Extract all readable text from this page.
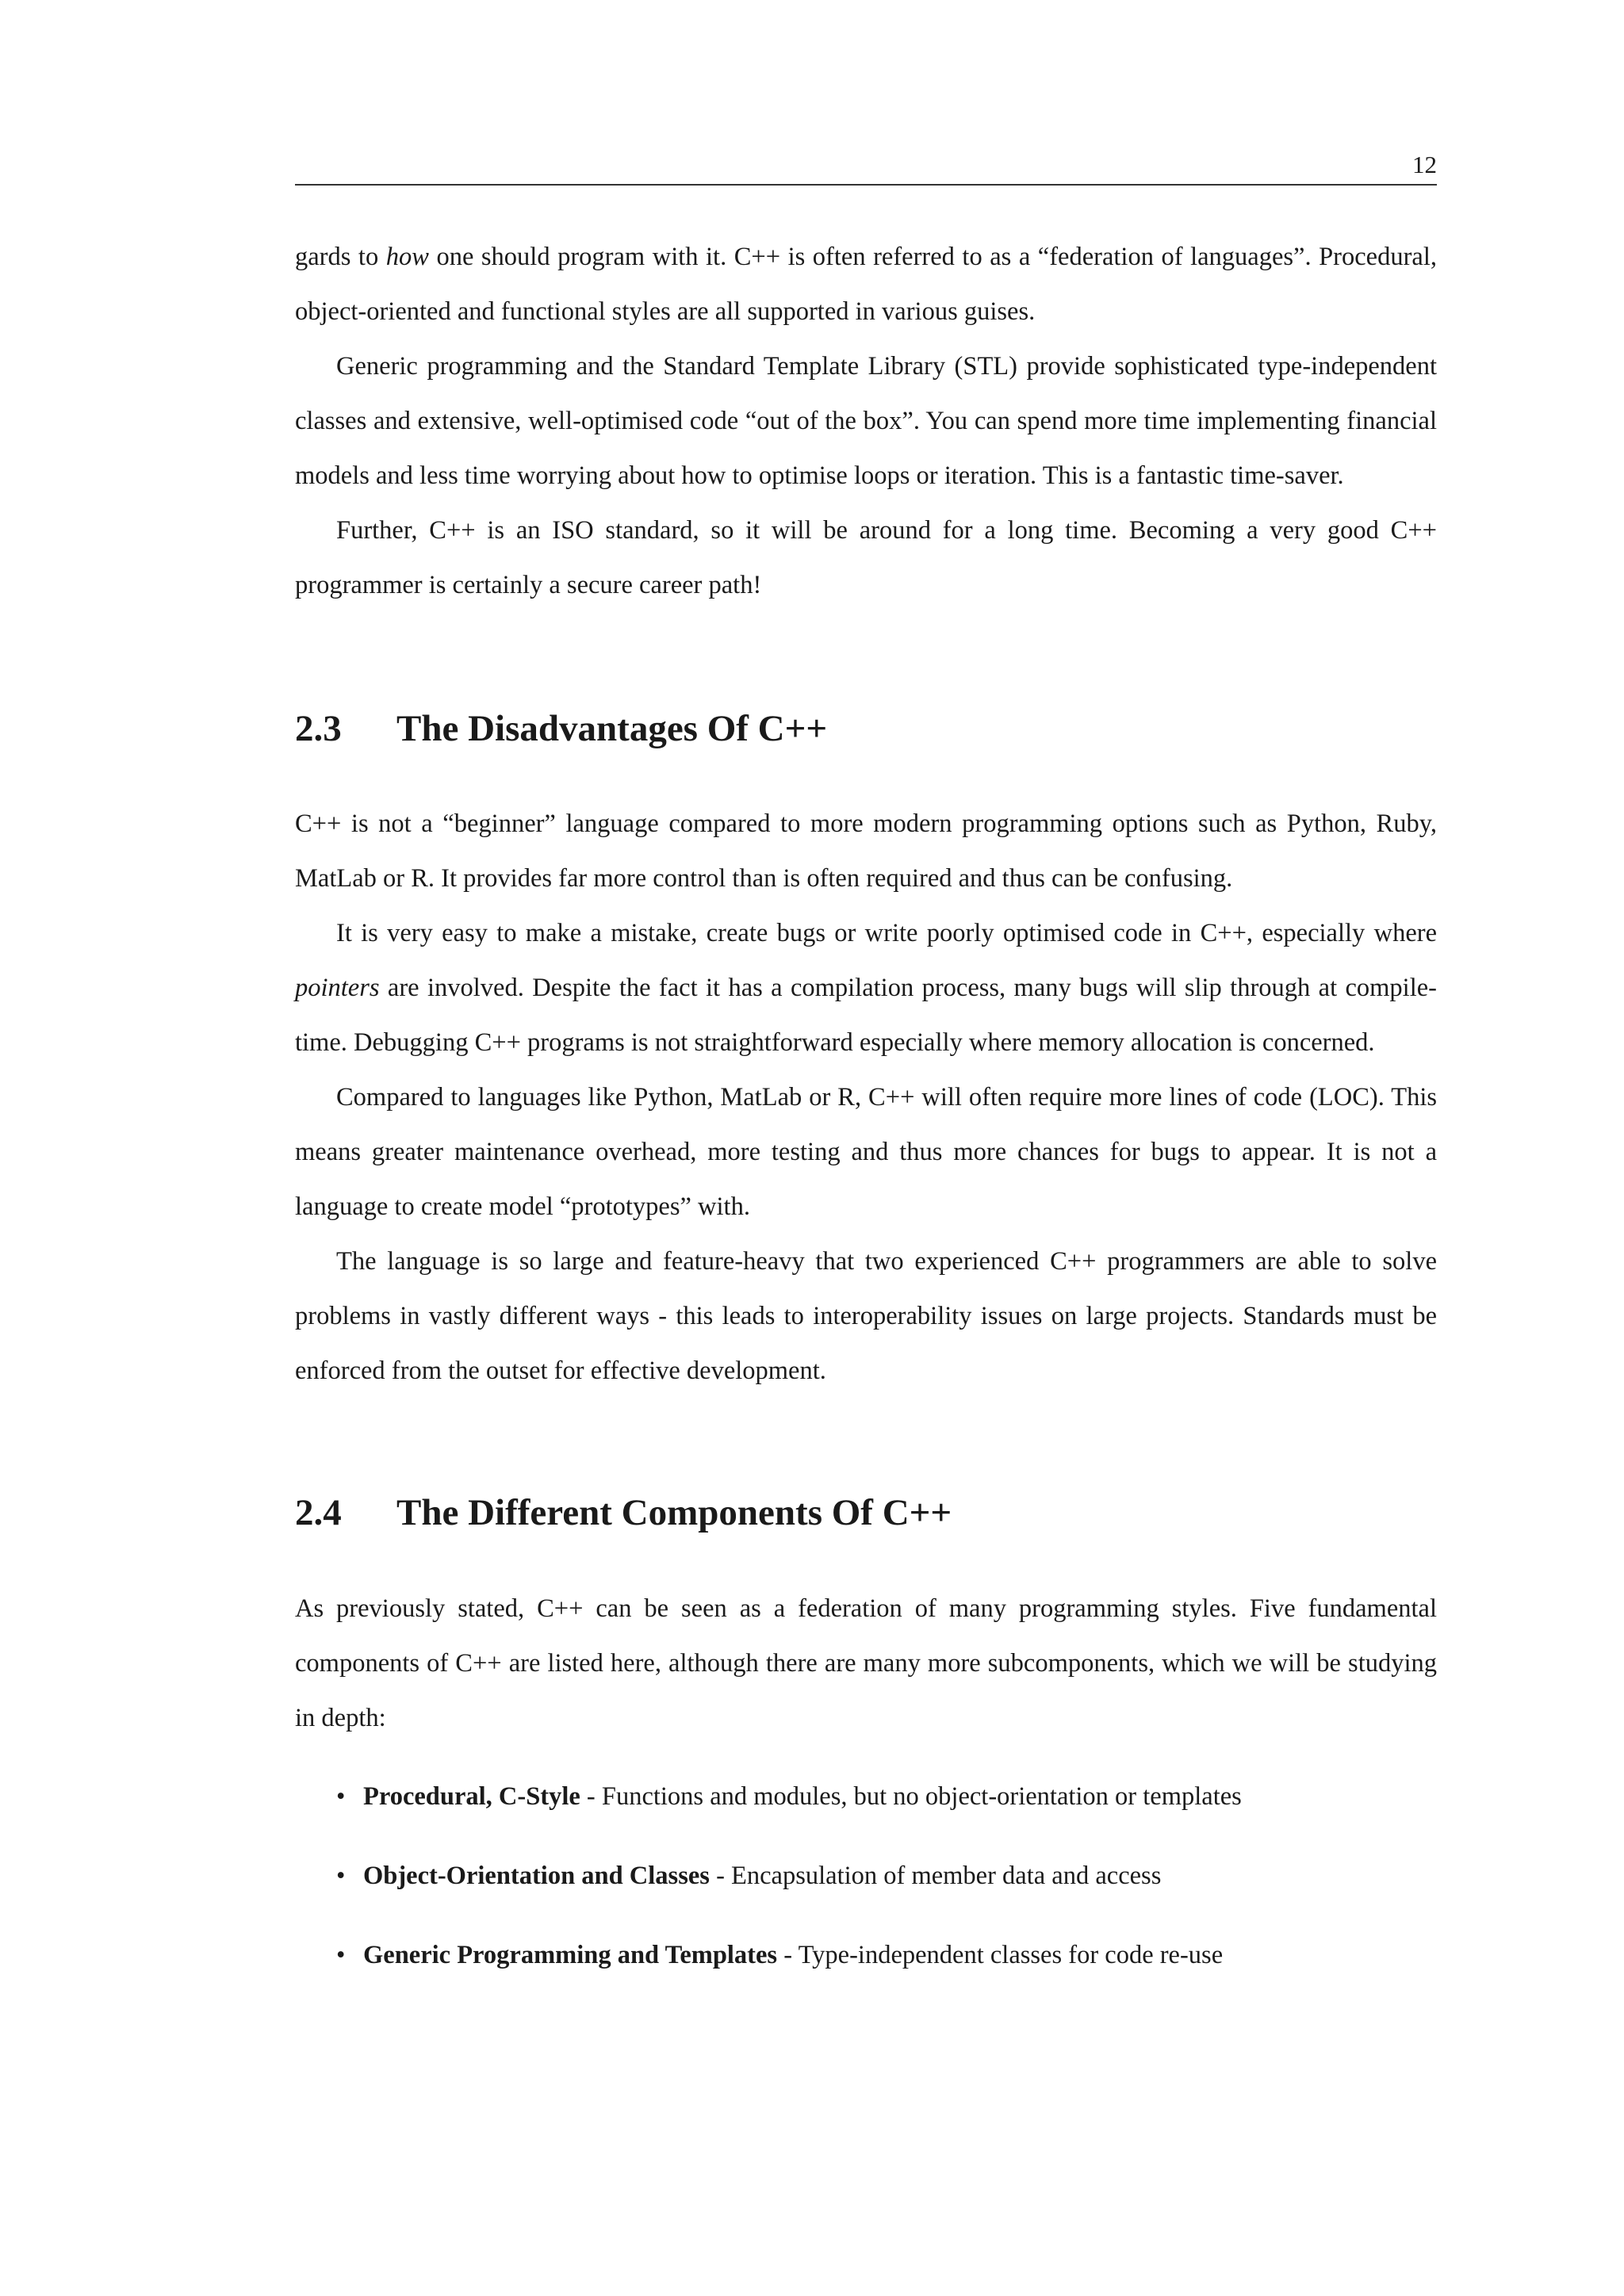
12

gards to how one should program with it. C++ is often referred to as a “federation of languages”. Procedural, object-oriented and functional styles are all supported in various guises.

Generic programming and the Standard Template Library (STL) provide sophisticated type-independent classes and extensive, well-optimised code “out of the box”. You can spend more time implementing financial models and less time worrying about how to optimise loops or iteration. This is a fantastic time-saver.

Further, C++ is an ISO standard, so it will be around for a long time. Becoming a very good C++ programmer is certainly a secure career path!

2.3 The Disadvantages Of C++

C++ is not a “beginner” language compared to more modern programming options such as Python, Ruby, MatLab or R. It provides far more control than is often required and thus can be confusing.

It is very easy to make a mistake, create bugs or write poorly optimised code in C++, especially where pointers are involved. Despite the fact it has a compilation process, many bugs will slip through at compile-time. Debugging C++ programs is not straightforward especially where memory allocation is concerned.

Compared to languages like Python, MatLab or R, C++ will often require more lines of code (LOC). This means greater maintenance overhead, more testing and thus more chances for bugs to appear. It is not a language to create model “prototypes” with.

The language is so large and feature-heavy that two experienced C++ programmers are able to solve problems in vastly different ways - this leads to interoperability issues on large projects. Standards must be enforced from the outset for effective development.

2.4 The Different Components Of C++

As previously stated, C++ can be seen as a federation of many programming styles. Five fundamental components of C++ are listed here, although there are many more subcomponents, which we will be studying in depth:

• Procedural, C-Style - Functions and modules, but no object-orientation or templates
• Object-Orientation and Classes - Encapsulation of member data and access
• Generic Programming and Templates - Type-independent classes for code re-use
